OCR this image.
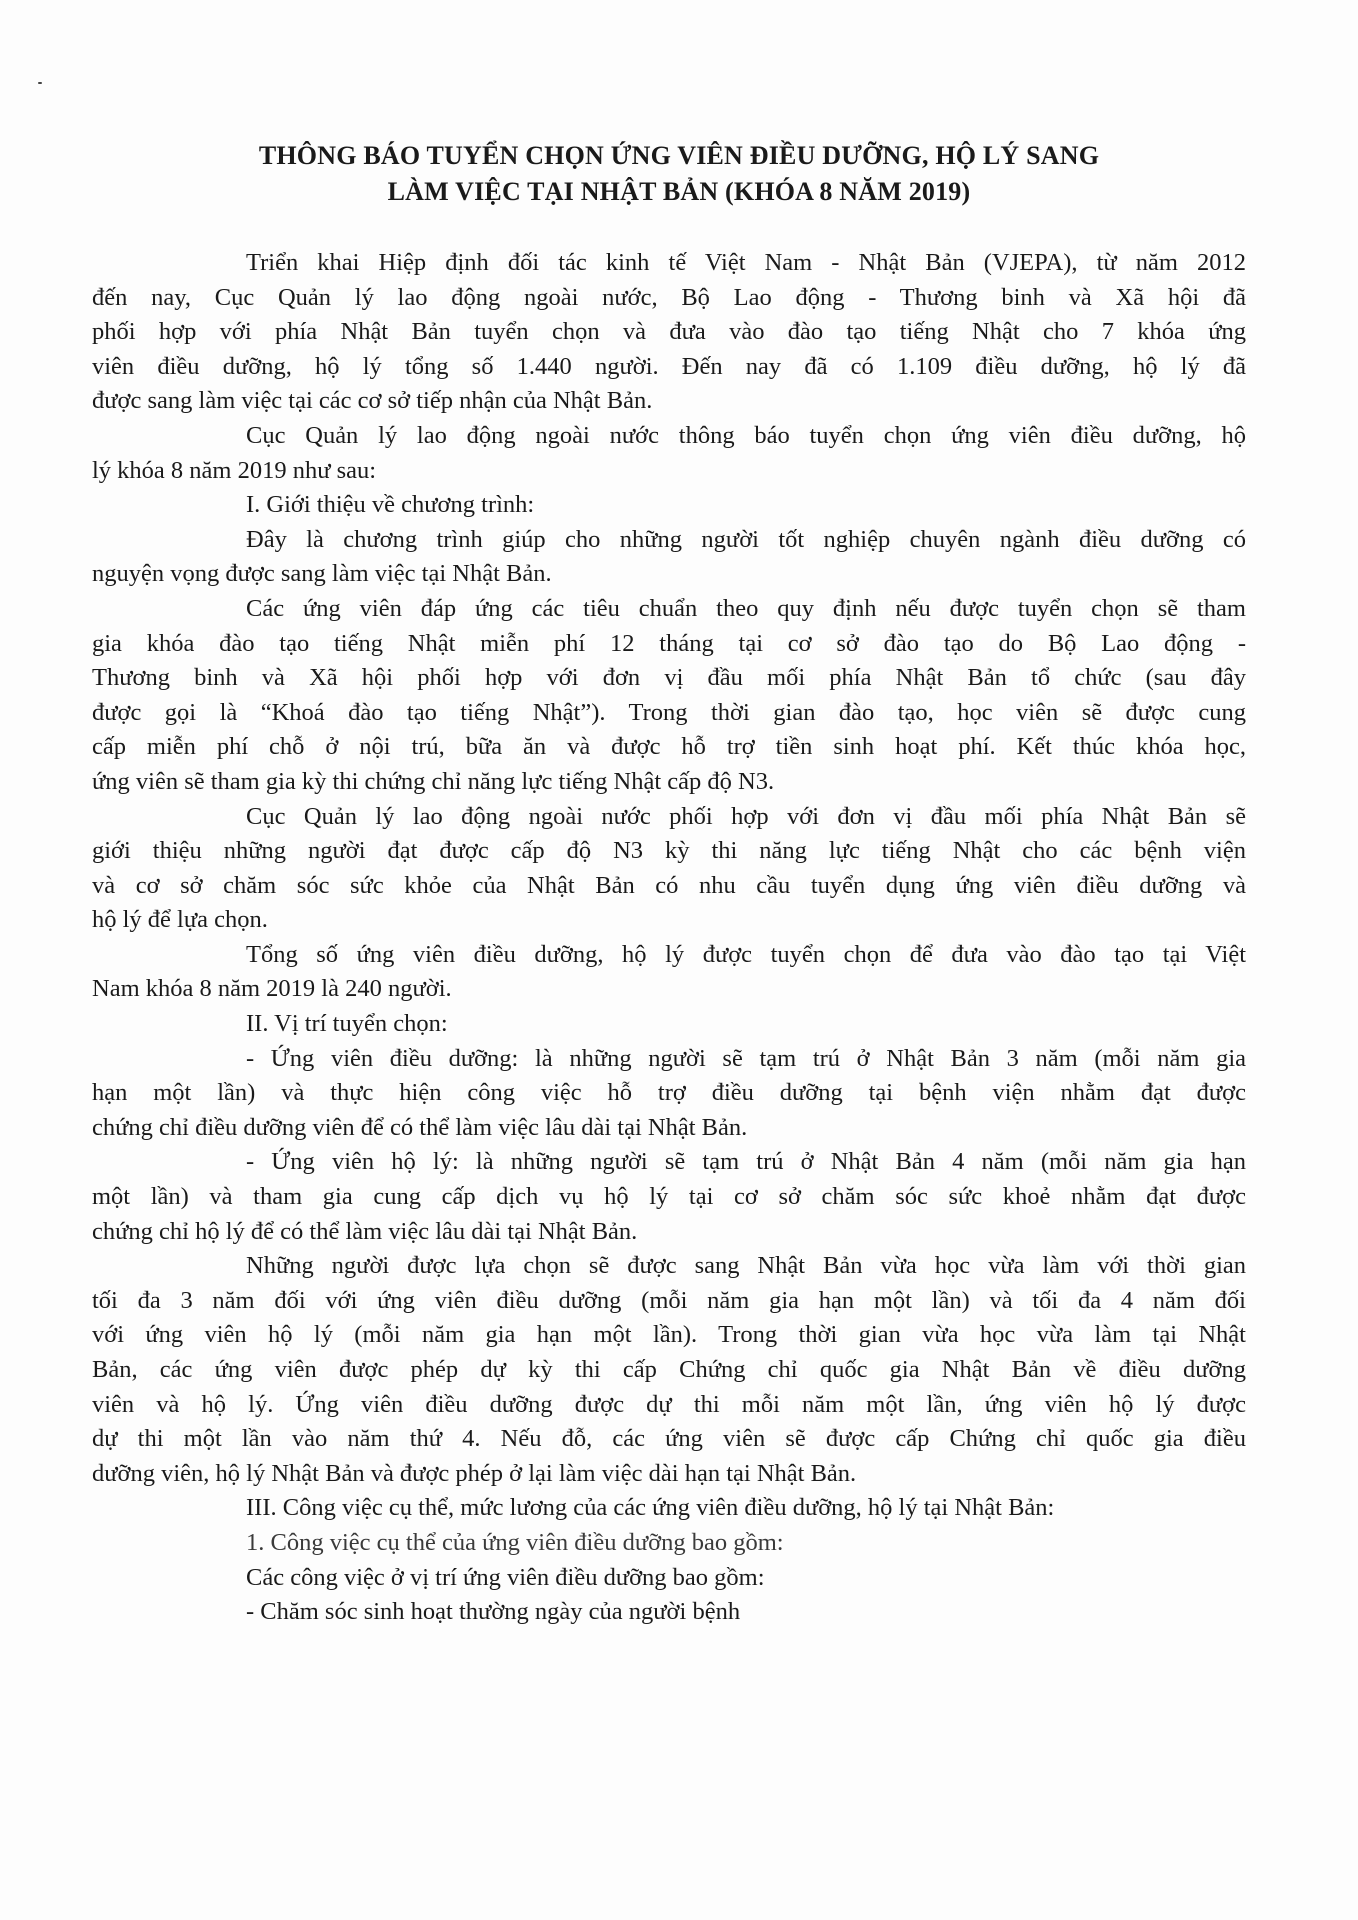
THÔNG BÁO TUYỂN CHỌN ỨNG VIÊN ĐIỀU DƯỠNG, HỘ LÝ SANG
LÀM VIỆC TẠI NHẬT BẢN (KHÓA 8 NĂM 2019)
Triển khai Hiệp định đối tác kinh tế Việt Nam - Nhật Bản (VJEPA), từ năm 2012
đến nay, Cục Quản lý lao động ngoài nước, Bộ Lao động - Thương binh và Xã hội đã
phối hợp với phía Nhật Bản tuyển chọn và đưa vào đào tạo tiếng Nhật cho 7 khóa ứng
viên điều dưỡng, hộ lý tổng số 1.440 người. Đến nay đã có 1.109 điều dưỡng, hộ lý đã
được sang làm việc tại các cơ sở tiếp nhận của Nhật Bản.
Cục Quản lý lao động ngoài nước thông báo tuyển chọn ứng viên điều dưỡng, hộ
lý khóa 8 năm 2019 như sau:
I. Giới thiệu về chương trình:
Đây là chương trình giúp cho những người tốt nghiệp chuyên ngành điều dưỡng có
nguyện vọng được sang làm việc tại Nhật Bản.
Các ứng viên đáp ứng các tiêu chuẩn theo quy định nếu được tuyển chọn sẽ tham
gia khóa đào tạo tiếng Nhật miễn phí 12 tháng tại cơ sở đào tạo do Bộ Lao động -
Thương binh và Xã hội phối hợp với đơn vị đầu mối phía Nhật Bản tổ chức (sau đây
được gọi là “Khoá đào tạo tiếng Nhật”). Trong thời gian đào tạo, học viên sẽ được cung
cấp miễn phí chỗ ở nội trú, bữa ăn và được hỗ trợ tiền sinh hoạt phí. Kết thúc khóa học,
ứng viên sẽ tham gia kỳ thi chứng chỉ năng lực tiếng Nhật cấp độ N3.
Cục Quản lý lao động ngoài nước phối hợp với đơn vị đầu mối phía Nhật Bản sẽ
giới thiệu những người đạt được cấp độ N3 kỳ thi năng lực tiếng Nhật cho các bệnh viện
và cơ sở chăm sóc sức khỏe của Nhật Bản có nhu cầu tuyển dụng ứng viên điều dưỡng và
hộ lý để lựa chọn.
Tổng số ứng viên điều dưỡng, hộ lý được tuyển chọn để đưa vào đào tạo tại Việt
Nam khóa 8 năm 2019 là 240 người.
II. Vị trí tuyển chọn:
- Ứng viên điều dưỡng: là những người sẽ tạm trú ở Nhật Bản 3 năm (mỗi năm gia
hạn một lần) và thực hiện công việc hỗ trợ điều dưỡng tại bệnh viện nhằm đạt được
chứng chỉ điều dưỡng viên để có thể làm việc lâu dài tại Nhật Bản.
- Ứng viên hộ lý: là những người sẽ tạm trú ở Nhật Bản 4 năm (mỗi năm gia hạn
một lần) và tham gia cung cấp dịch vụ hộ lý tại cơ sở chăm sóc sức khoẻ nhằm đạt được
chứng chỉ hộ lý để có thể làm việc lâu dài tại Nhật Bản.
Những người được lựa chọn sẽ được sang Nhật Bản vừa học vừa làm với thời gian
tối đa 3 năm đối với ứng viên điều dưỡng (mỗi năm gia hạn một lần) và tối đa 4 năm đối
với ứng viên hộ lý (mỗi năm gia hạn một lần). Trong thời gian vừa học vừa làm tại Nhật
Bản, các ứng viên được phép dự kỳ thi cấp Chứng chỉ quốc gia Nhật Bản về điều dưỡng
viên và hộ lý. Ứng viên điều dưỡng được dự thi mỗi năm một lần, ứng viên hộ lý được
dự thi một lần vào năm thứ 4. Nếu đỗ, các ứng viên sẽ được cấp Chứng chỉ quốc gia điều
dưỡng viên, hộ lý Nhật Bản và được phép ở lại làm việc dài hạn tại Nhật Bản.
III. Công việc cụ thể, mức lương của các ứng viên điều dưỡng, hộ lý tại Nhật Bản:
1. Công việc cụ thể của ứng viên điều dưỡng bao gồm:
Các công việc ở vị trí ứng viên điều dưỡng bao gồm:
- Chăm sóc sinh hoạt thường ngày của người bệnh
